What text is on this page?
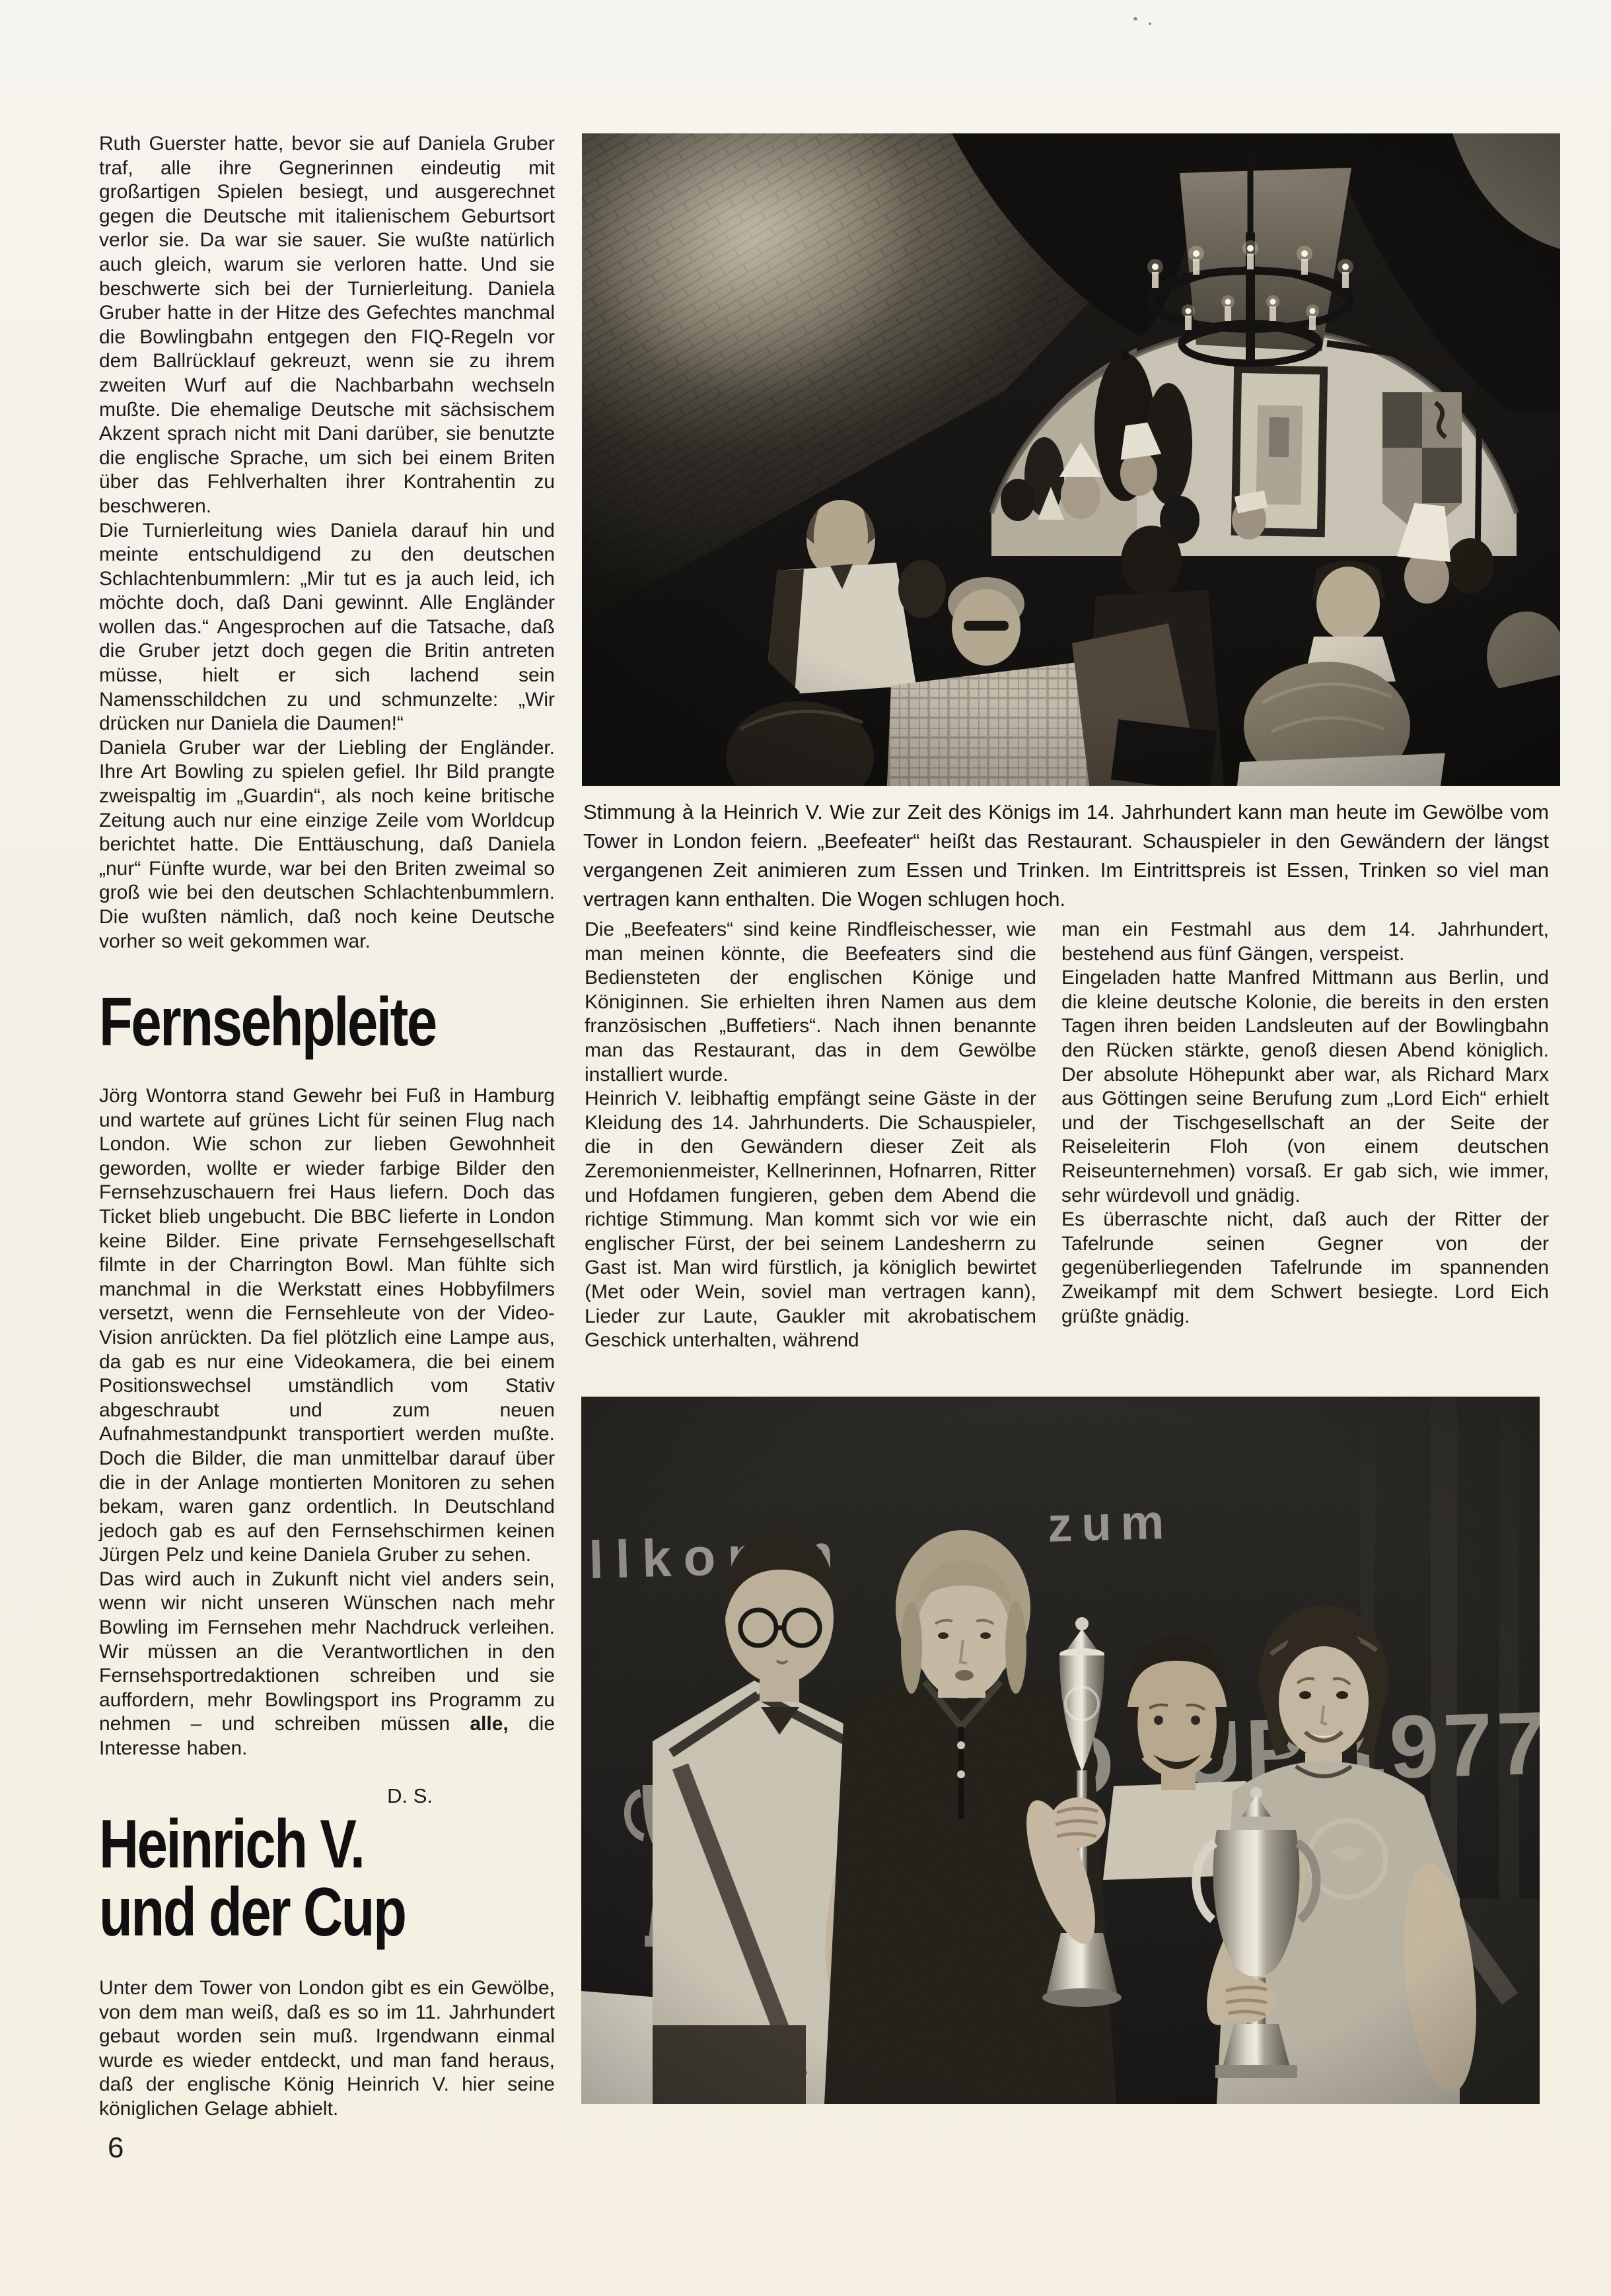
Ruth Guerster hatte, bevor sie auf Daniela Gruber traf, alle ihre Gegnerinnen eindeutig mit großartigen Spielen besiegt, und ausgerechnet gegen die Deutsche mit italienischem Geburtsort verlor sie. Da war sie sauer. Sie wußte natürlich auch gleich, warum sie verloren hatte. Und sie beschwerte sich bei der Turnierleitung. Daniela Gruber hatte in der Hitze des Gefechtes manchmal die Bowlingbahn entgegen den FIQ-Regeln vor dem Ballrücklauf gekreuzt, wenn sie zu ihrem zweiten Wurf auf die Nachbarbahn wechseln mußte. Die ehemalige Deutsche mit sächsischem Akzent sprach nicht mit Dani darüber, sie benutzte die englische Sprache, um sich bei einem Briten über das Fehlverhalten ihrer Kontrahentin zu beschweren.

Die Turnierleitung wies Daniela darauf hin und meinte entschuldigend zu den deutschen Schlachtenbummlern: „Mir tut es ja auch leid, ich möchte doch, daß Dani gewinnt. Alle Engländer wollen das.“ Angesprochen auf die Tatsache, daß die Gruber jetzt doch gegen die Britin antreten müsse, hielt er sich lachend sein Namensschildchen zu und schmunzelte: „Wir drücken nur Daniela die Daumen!“

Daniela Gruber war der Liebling der Engländer. Ihre Art Bowling zu spielen gefiel. Ihr Bild prangte zweispaltig im „Guardin“, als noch keine britische Zeitung auch nur eine einzige Zeile vom Worldcup berichtet hatte. Die Enttäuschung, daß Daniela „nur“ Fünfte wurde, war bei den Briten zweimal so groß wie bei den deutschen Schlachtenbummlern. Die wußten nämlich, daß noch keine Deutsche vorher so weit gekommen war.

Fernsehpleite

Jörg Wontorra stand Gewehr bei Fuß in Hamburg und wartete auf grünes Licht für seinen Flug nach London. Wie schon zur lieben Gewohnheit geworden, wollte er wieder farbige Bilder den Fernsehzuschauern frei Haus liefern. Doch das Ticket blieb ungebucht. Die BBC lieferte in London keine Bilder. Eine private Fernsehgesellschaft filmte in der Charrington Bowl. Man fühlte sich manchmal in die Werkstatt eines Hobbyfilmers versetzt, wenn die Fernsehleute von der Video-Vision anrückten. Da fiel plötzlich eine Lampe aus, da gab es nur eine Videokamera, die bei einem Positionswechsel umständlich vom Stativ abgeschraubt und zum neuen Aufnahmestandpunkt transportiert werden mußte. Doch die Bilder, die man unmittelbar darauf über die in der Anlage montierten Monitoren zu sehen bekam, waren ganz ordentlich. In Deutschland jedoch gab es auf den Fernsehschirmen keinen Jürgen Pelz und keine Daniela Gruber zu sehen.

Das wird auch in Zukunft nicht viel anders sein, wenn wir nicht unseren Wünschen nach mehr Bowling im Fernsehen mehr Nachdruck verleihen. Wir müssen an die Verantwortlichen in den Fernsehsportredaktionen schreiben und sie auffordern, mehr Bowlingsport ins Programm zu nehmen – und schreiben müssen alle, die Interesse haben.

D. S.
Heinrich V.
und der Cup

Unter dem Tower von London gibt es ein Gewölbe, von dem man weiß, daß es so im 11. Jahrhundert gebaut worden sein muß. Irgendwann einmal wurde es wieder entdeckt, und man fand heraus, daß der englische König Heinrich V. hier seine königlichen Gelage abhielt.

6
Stimmung à la Heinrich V. Wie zur Zeit des Königs im 14. Jahrhundert kann man heute im Gewölbe vom Tower in London feiern. „Beefeater“ heißt das Restaurant. Schauspieler in den Gewändern der längst vergangenen Zeit animieren zum Essen und Trinken. Im Eintrittspreis ist Essen, Trinken so viel man vertragen kann enthalten. Die Wogen schlugen hoch.

Die „Beefeaters“ sind keine Rindfleischesser, wie man meinen könnte, die Beefeaters sind die Bediensteten der englischen Könige und Königinnen. Sie erhielten ihren Namen aus dem französischen „Buffetiers“. Nach ihnen benannte man das Restaurant, das in dem Gewölbe installiert wurde.

Heinrich V. leibhaftig empfängt seine Gäste in der Kleidung des 14. Jahrhunderts. Die Schauspieler, die in den Gewändern dieser Zeit als Zeremonienmeister, Kellnerinnen, Hofnarren, Ritter und Hofdamen fungieren, geben dem Abend die richtige Stimmung. Man kommt sich vor wie ein englischer Fürst, der bei seinem Landesherrn zu Gast ist. Man wird fürstlich, ja königlich bewirtet (Met oder Wein, soviel man vertragen kann), Lieder zur Laute, Gaukler mit akrobatischem Geschick unterhalten, während

man ein Festmahl aus dem 14. Jahrhundert, bestehend aus fünf Gängen, verspeist.

Eingeladen hatte Manfred Mittmann aus Berlin, und die kleine deutsche Kolonie, die bereits in den ersten Tagen ihren beiden Landsleuten auf der Bowlingbahn den Rücken stärkte, genoß diesen Abend königlich. Der absolute Höhepunkt aber war, als Richard Marx aus Göttingen seine Berufung zum „Lord Eich“ erhielt und der Tischgesellschaft an der Seite der Reiseleiterin Floh (von einem deutschen Reiseunternehmen) vorsaß. Er gab sich, wie immer, sehr würdevoll und gnädig.

Es überraschte nicht, daß auch der Ritter der Tafelrunde seinen Gegner von der gegenüberliegenden Tafelrunde im spannenden Zweikampf mit dem Schwert besiegte. Lord Eich grüßte gnädig.
